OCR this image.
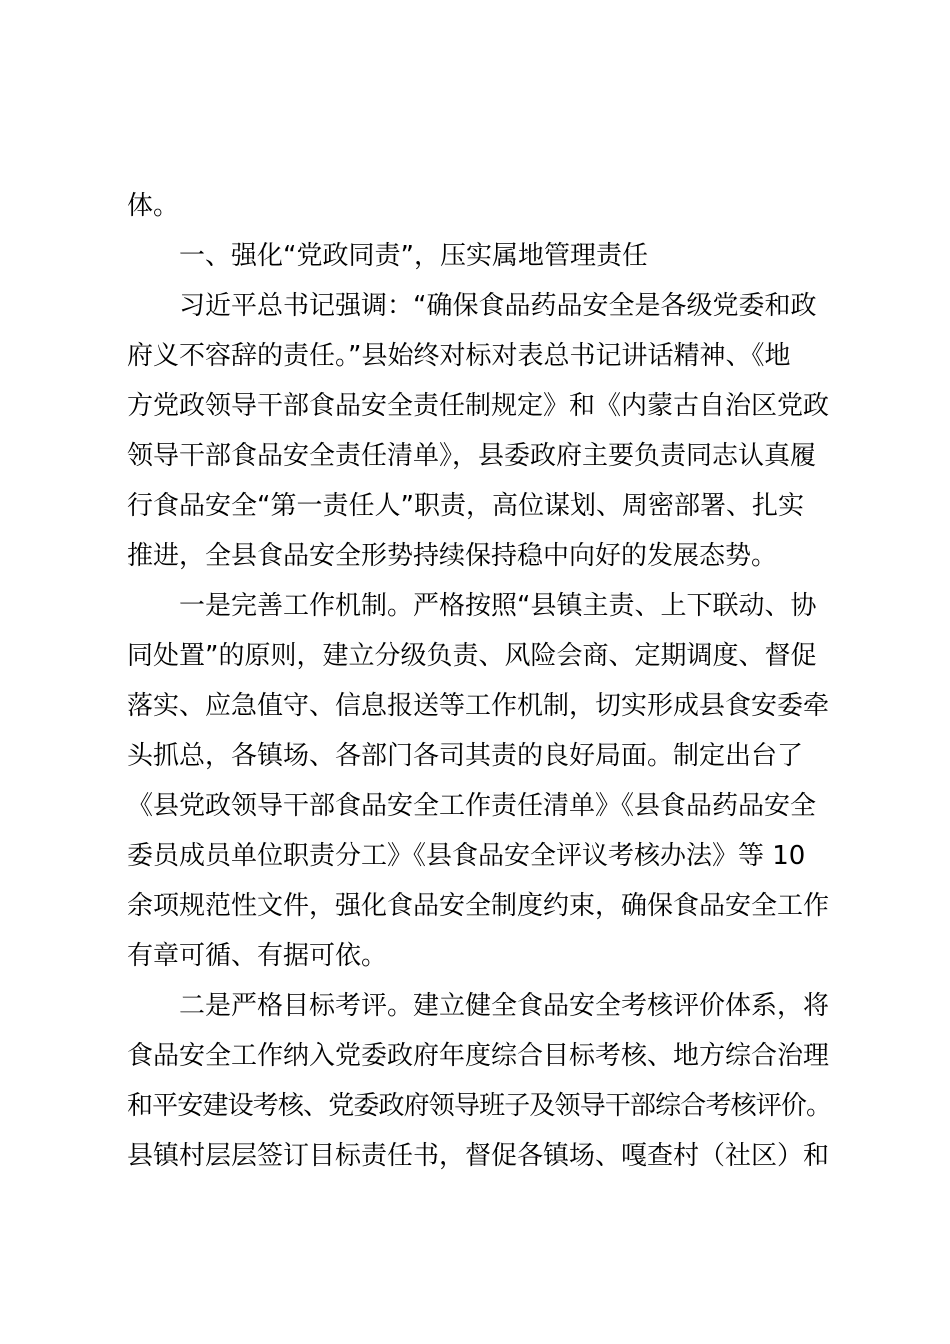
体。
一、强化“党政同责”，压实属地管理责任
习近平总书记强调：“确保食品药品安全是各级党委和政
府义不容辞的责任。”县始终对标对表总书记讲话精神、《地
方党政领导干部食品安全责任制规定》和《内蒙古自治区党政
领导干部食品安全责任清单》，县委政府主要负责同志认真履
行食品安全“第一责任人”职责，高位谋划、周密部署、扎实
推进，全县食品安全形势持续保持稳中向好的发展态势。
一是完善工作机制。严格按照“县镇主责、上下联动、协
同处置”的原则，建立分级负责、风险会商、定期调度、督促
落实、应急值守、信息报送等工作机制，切实形成县食安委牵
头抓总，各镇场、各部门各司其责的良好局面。制定出台了
《县党政领导干部食品安全工作责任清单》《县食品药品安全
委员成员单位职责分工》《县食品安全评议考核办法》等 10
余项规范性文件，强化食品安全制度约束，确保食品安全工作
有章可循、有据可依。
二是严格目标考评。建立健全食品安全考核评价体系，将
食品安全工作纳入党委政府年度综合目标考核、地方综合治理
和平安建设考核、党委政府领导班子及领导干部综合考核评价。
县镇村层层签订目标责任书，督促各镇场、嘎查村（社区）和
